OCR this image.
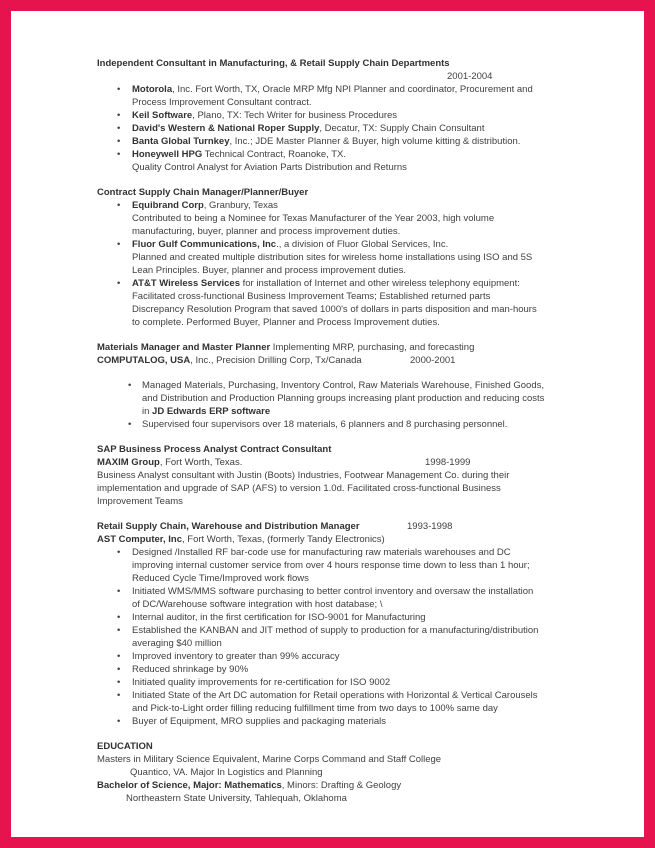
Independent Consultant in Manufacturing, & Retail Supply Chain Departments
2001-2004
• Motorola, Inc. Fort Worth, TX, Oracle MRP Mfg NPI Planner and coordinator, Procurement and
Process Improvement Consultant contract.
• Keil Software, Plano, TX: Tech Writer for business Procedures
• David's Western & National Roper Supply, Decatur, TX: Supply Chain Consultant
• Banta Global Turnkey, Inc.; JDE Master Planner & Buyer, high volume kitting & distribution.
• Honeywell HPG Technical Contract, Roanoke, TX.
Quality Control Analyst for Aviation Parts Distribution and Returns
Contract Supply Chain Manager/Planner/Buyer
• Equibrand Corp, Granbury, Texas
Contributed to being a Nominee for Texas Manufacturer of the Year 2003, high volume
manufacturing, buyer, planner and process improvement duties.
• Fluor Gulf Communications, Inc., a division of Fluor Global Services, Inc.
Planned and created multiple distribution sites for wireless home installations using ISO and 5S
Lean Principles. Buyer, planner and process improvement duties.
• AT&T Wireless Services for installation of Internet and other wireless telephony equipment:
Facilitated cross-functional Business Improvement Teams; Established returned parts
Discrepancy Resolution Program that saved 1000's of dollars in parts disposition and man-hours
to complete. Performed Buyer, Planner and Process Improvement duties.
Materials Manager and Master Planner Implementing MRP, purchasing, and forecasting
2000-2001
COMPUTALOG, USA, Inc., Precision Drilling Corp, Tx/Canada
• Managed Materials, Purchasing, Inventory Control, Raw Materials Warehouse, Finished Goods,
and Distribution and Production Planning groups increasing plant production and reducing costs
in JD Edwards ERP software
• Supervised four supervisors over 18 materials, 6 planners and 8 purchasing personnel.
SAP Business Process Analyst Contract Consultant
1998-1999
MAXIM Group, Fort Worth, Texas.
Business Analyst consultant with Justin (Boots) Industries, Footwear Management Co. during their
implementation and upgrade of SAP (AFS) to version 1.0d. Facilitated cross-functional Business
Improvement Teams
1993-1998
Retail Supply Chain, Warehouse and Distribution Manager
AST Computer, Inc, Fort Worth, Texas, (formerly Tandy Electronics)
• Designed /Installed RF bar-code use for manufacturing raw materials warehouses and DC
improving internal customer service from over 4 hours response time down to less than 1 hour;
Reduced Cycle Time/Improved work flows
• Initiated WMS/MMS software purchasing to better control inventory and oversaw the installation
of DC/Warehouse software integration with host database; \
• Internal auditor, in the first certification for ISO-9001 for Manufacturing
• Established the KANBAN and JIT method of supply to production for a manufacturing/distribution
averaging $40 million
• Improved inventory to greater than 99% accuracy
• Reduced shrinkage by 90%
• Initiated quality improvements for re-certification for ISO 9002
• Initiated State of the Art DC automation for Retail operations with Horizontal & Vertical Carousels
and Pick-to-Light order filling reducing fulfillment time from two days to 100% same day
• Buyer of Equipment, MRO supplies and packaging materials
EDUCATION
Masters in Military Science Equivalent, Marine Corps Command and Staff College
Quantico, VA. Major In Logistics and Planning
Bachelor of Science, Major: Mathematics, Minors: Drafting & Geology
Northeastern State University, Tahlequah, Oklahoma
